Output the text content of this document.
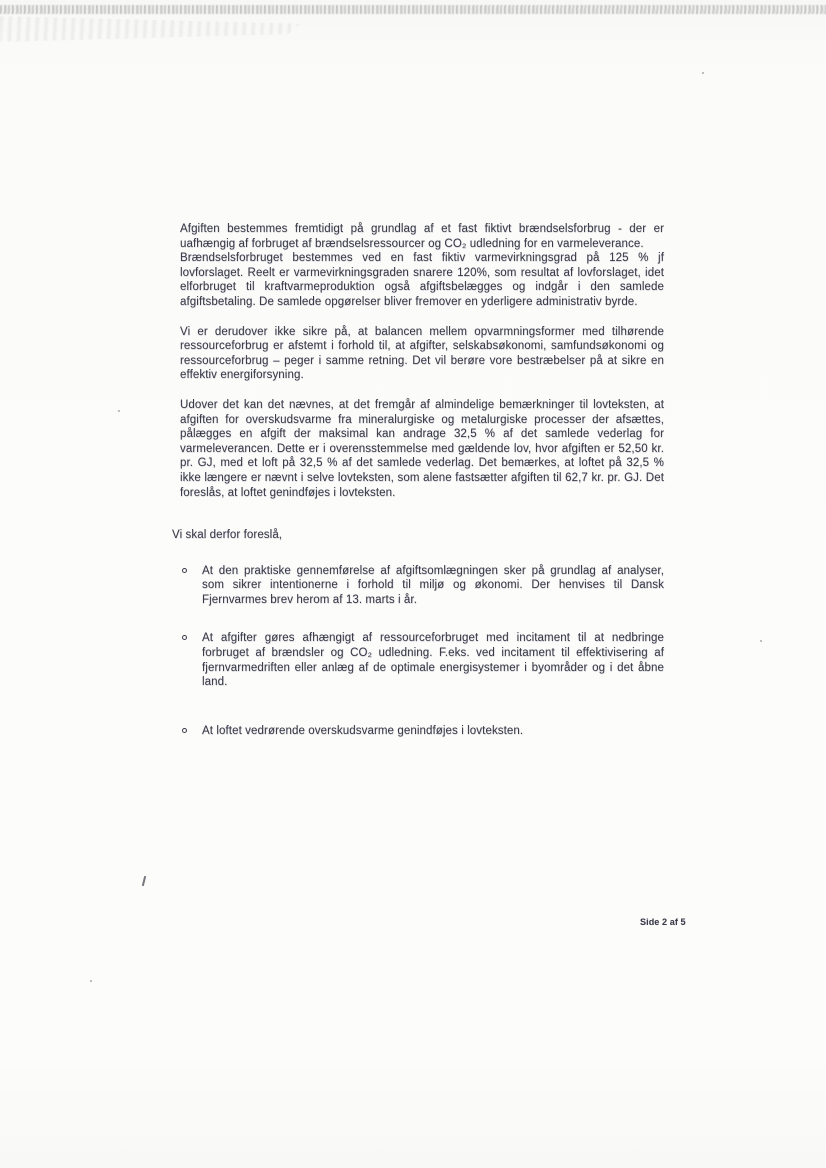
Afgiften bestemmes fremtidigt på grundlag af et fast fiktivt brændselsforbrug - der er uafhængig af forbruget af brændselsressourcer og CO₂ udledning for en varmeleverance.

Brændselsforbruget bestemmes ved en fast fiktiv varmevirkningsgrad på 125 % jf lovforslaget. Reelt er varmevirkningsgraden snarere 120%, som resultat af lovforslaget, idet elforbruget til kraftvarmeproduktion også afgiftsbelægges og indgår i den samlede afgiftsbetaling. De samlede opgørelser bliver fremover en yderligere administrativ byrde.

Vi er derudover ikke sikre på, at balancen mellem opvarmningsformer med tilhørende ressourceforbrug er afstemt i forhold til, at afgifter, selskabsøkonomi, samfundsøkonomi og ressourceforbrug – peger i samme retning. Det vil berøre vore bestræbelser på at sikre en effektiv energiforsyning.

Udover det kan det nævnes, at det fremgår af almindelige bemærkninger til lovteksten, at afgiften for overskudsvarme fra mineralurgiske og metalurgiske processer der afsættes, pålægges en afgift der maksimal kan andrage 32,5 % af det samlede vederlag for varmeleverancen. Dette er i overensstemmelse med gældende lov, hvor afgiften er 52,50 kr. pr. GJ, med et loft på 32,5 % af det samlede vederlag. Det bemærkes, at loftet på 32,5 % ikke længere er nævnt i selve lovteksten, som alene fastsætter afgiften til 62,7 kr. pr. GJ. Det foreslås, at loftet genindføjes i lovteksten.

Vi skal derfor foreslå,

At den praktiske gennemførelse af afgiftsomlægningen sker på grundlag af analyser, som sikrer intentionerne i forhold til miljø og økonomi. Der henvises til Dansk Fjernvarmes brev herom af 13. marts i år.
At afgifter gøres afhængigt af ressourceforbruget med incitament til at nedbringe forbruget af brændsler og CO₂ udledning. F.eks. ved incitament til effektivisering af fjernvarmedriften eller anlæg af de optimale energisystemer i byområder og i det åbne land.
At loftet vedrørende overskudsvarme genindføjes i lovteksten.
Side 2 af 5
